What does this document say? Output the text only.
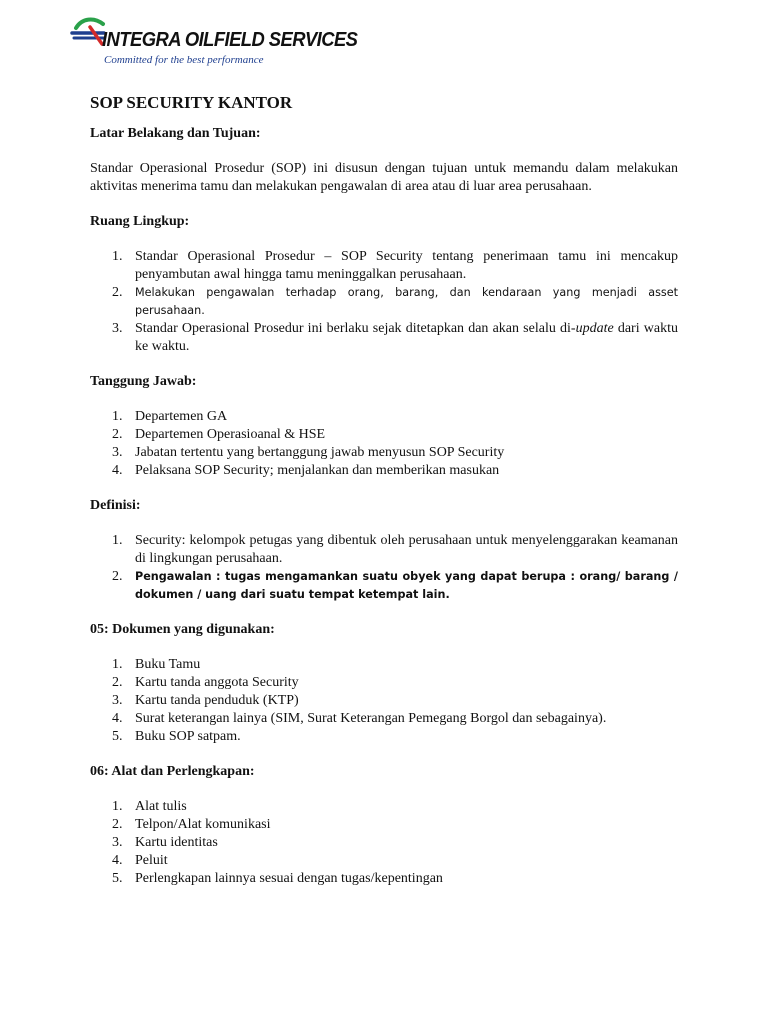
INTEGRA OILFIELD SERVICES
Committed for the best performance
SOP SECURITY KANTOR
Latar Belakang dan Tujuan:
Standar Operasional Prosedur (SOP) ini disusun dengan tujuan untuk memandu dalam melakukan aktivitas menerima tamu dan melakukan pengawalan di area atau di luar area perusahaan.
Ruang Lingkup:
1. Standar Operasional Prosedur – SOP Security tentang penerimaan tamu ini mencakup penyambutan awal hingga tamu meninggalkan perusahaan.
2. Melakukan pengawalan terhadap orang, barang, dan kendaraan yang menjadi asset perusahaan.
3. Standar Operasional Prosedur ini berlaku sejak ditetapkan dan akan selalu di-update dari waktu ke waktu.
Tanggung Jawab:
1. Departemen GA
2. Departemen Operasioanal & HSE
3. Jabatan tertentu yang bertanggung jawab menyusun SOP Security
4. Pelaksana SOP Security; menjalankan dan memberikan masukan
Definisi:
1. Security: kelompok petugas yang dibentuk oleh perusahaan untuk menyelenggarakan keamanan di lingkungan perusahaan.
2. Pengawalan : tugas mengamankan suatu obyek yang dapat berupa : orang/ barang / dokumen / uang dari suatu tempat ketempat lain.
05: Dokumen yang digunakan:
1. Buku Tamu
2. Kartu tanda anggota Security
3. Kartu tanda penduduk (KTP)
4. Surat keterangan lainya (SIM, Surat Keterangan Pemegang Borgol dan sebagainya).
5. Buku SOP satpam.
06: Alat dan Perlengkapan:
1. Alat tulis
2. Telpon/Alat komunikasi
3. Kartu identitas
4. Peluit
5. Perlengkapan lainnya sesuai dengan tugas/kepentingan
